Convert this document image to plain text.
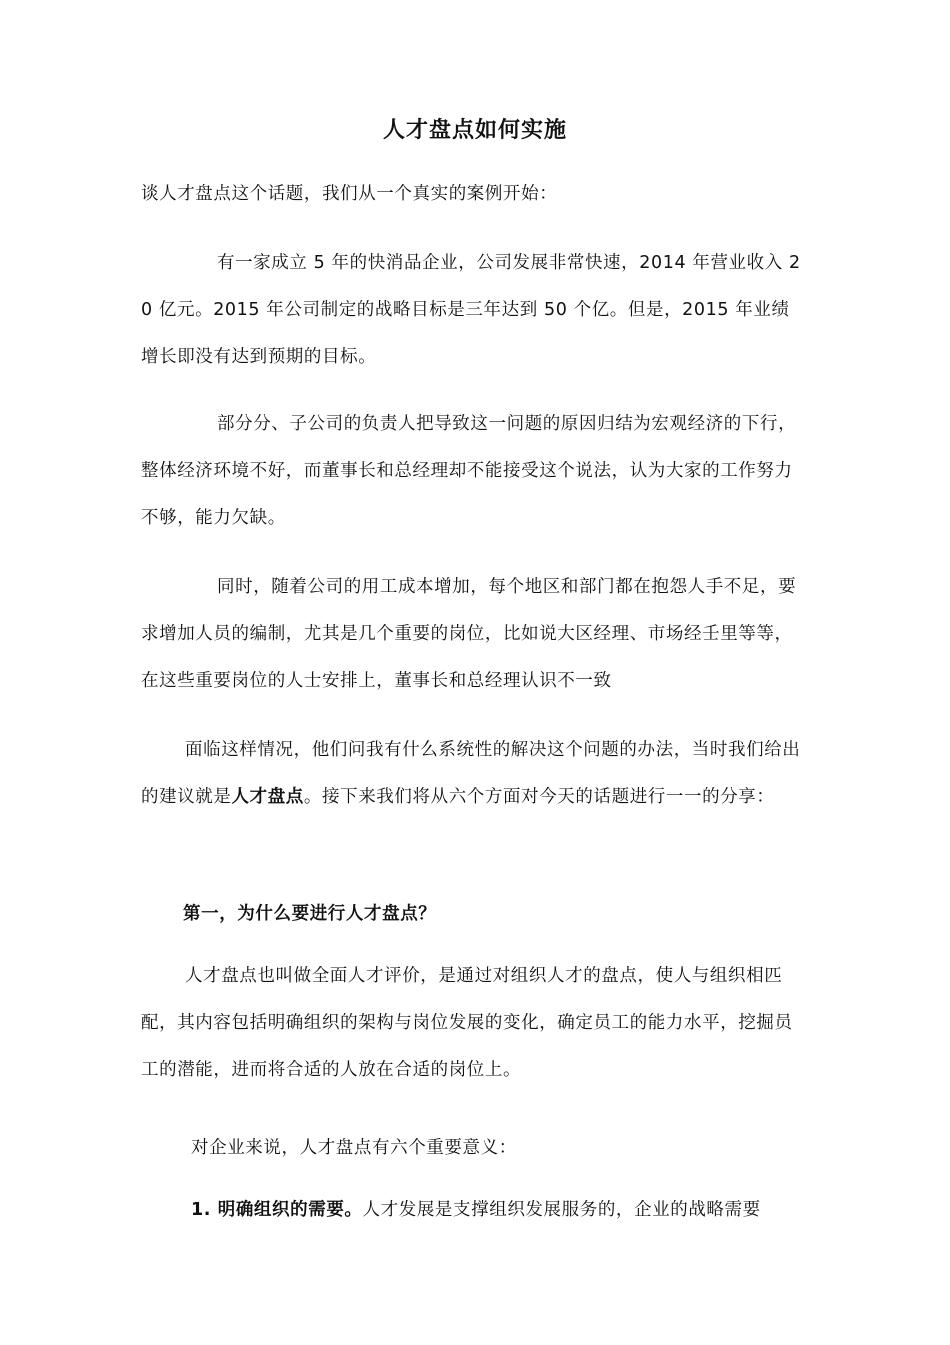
人才盘点如何实施

谈人才盘点这个话题，我们从一个真实的案例开始：

有一家成立 5 年的快消品企业，公司发展非常快速，2014 年营业收入 20 亿元。2015 年公司制定的战略目标是三年达到 50 个亿。但是，2015 年业绩增长即没有达到预期的目标。

部分分、子公司的负责人把导致这一问题的原因归结为宏观经济的下行，整体经济环境不好，而董事长和总经理却不能接受这个说法，认为大家的工作努力不够，能力欠缺。

同时，随着公司的用工成本增加，每个地区和部门都在抱怨人手不足，要求增加人员的编制，尤其是几个重要的岗位，比如说大区经理、市场经壬里等等，在这些重要岗位的人士安排上，董事长和总经理认识不一致

面临这样情况，他们问我有什么系统性的解决这个问题的办法，当时我们给出的建议就是人才盘点。接下来我们将从六个方面对今天的话题进行一一的分享：

第一，为什么要进行人才盘点？

人才盘点也叫做全面人才评价，是通过对组织人才的盘点，使人与组织相匹配，其内容包括明确组织的架构与岗位发展的变化，确定员工的能力水平，挖掘员工的潜能，进而将合适的人放在合适的岗位上。

对企业来说，人才盘点有六个重要意义：

1. 明确组织的需要。人才发展是支撑组织发展服务的，企业的战略需要
